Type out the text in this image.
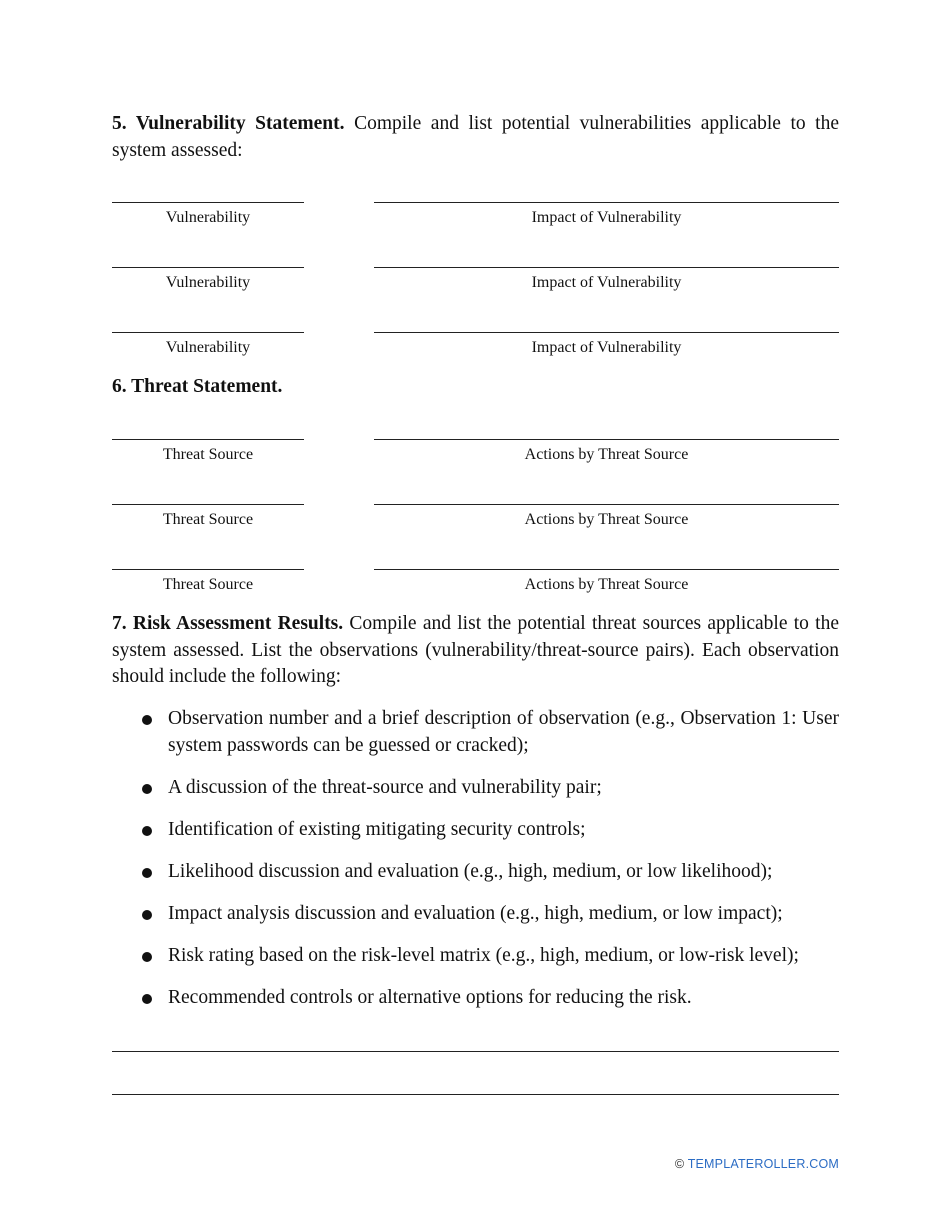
5. Vulnerability Statement. Compile and list potential vulnerabilities applicable to the system assessed:

Vulnerability	Impact of Vulnerability
Vulnerability	Impact of Vulnerability
Vulnerability	Impact of Vulnerability

6. Threat Statement.

Threat Source	Actions by Threat Source
Threat Source	Actions by Threat Source
Threat Source	Actions by Threat Source

7. Risk Assessment Results. Compile and list the potential threat sources applicable to the system assessed. List the observations (vulnerability/threat-source pairs). Each observation should include the following:

Observation number and a brief description of observation (e.g., Observation 1: User system passwords can be guessed or cracked);
A discussion of the threat-source and vulnerability pair;
Identification of existing mitigating security controls;
Likelihood discussion and evaluation (e.g., high, medium, or low likelihood);
Impact analysis discussion and evaluation (e.g., high, medium, or low impact);
Risk rating based on the risk-level matrix (e.g., high, medium, or low-risk level);
Recommended controls or alternative options for reducing the risk.
© TEMPLATEROLLER.COM
